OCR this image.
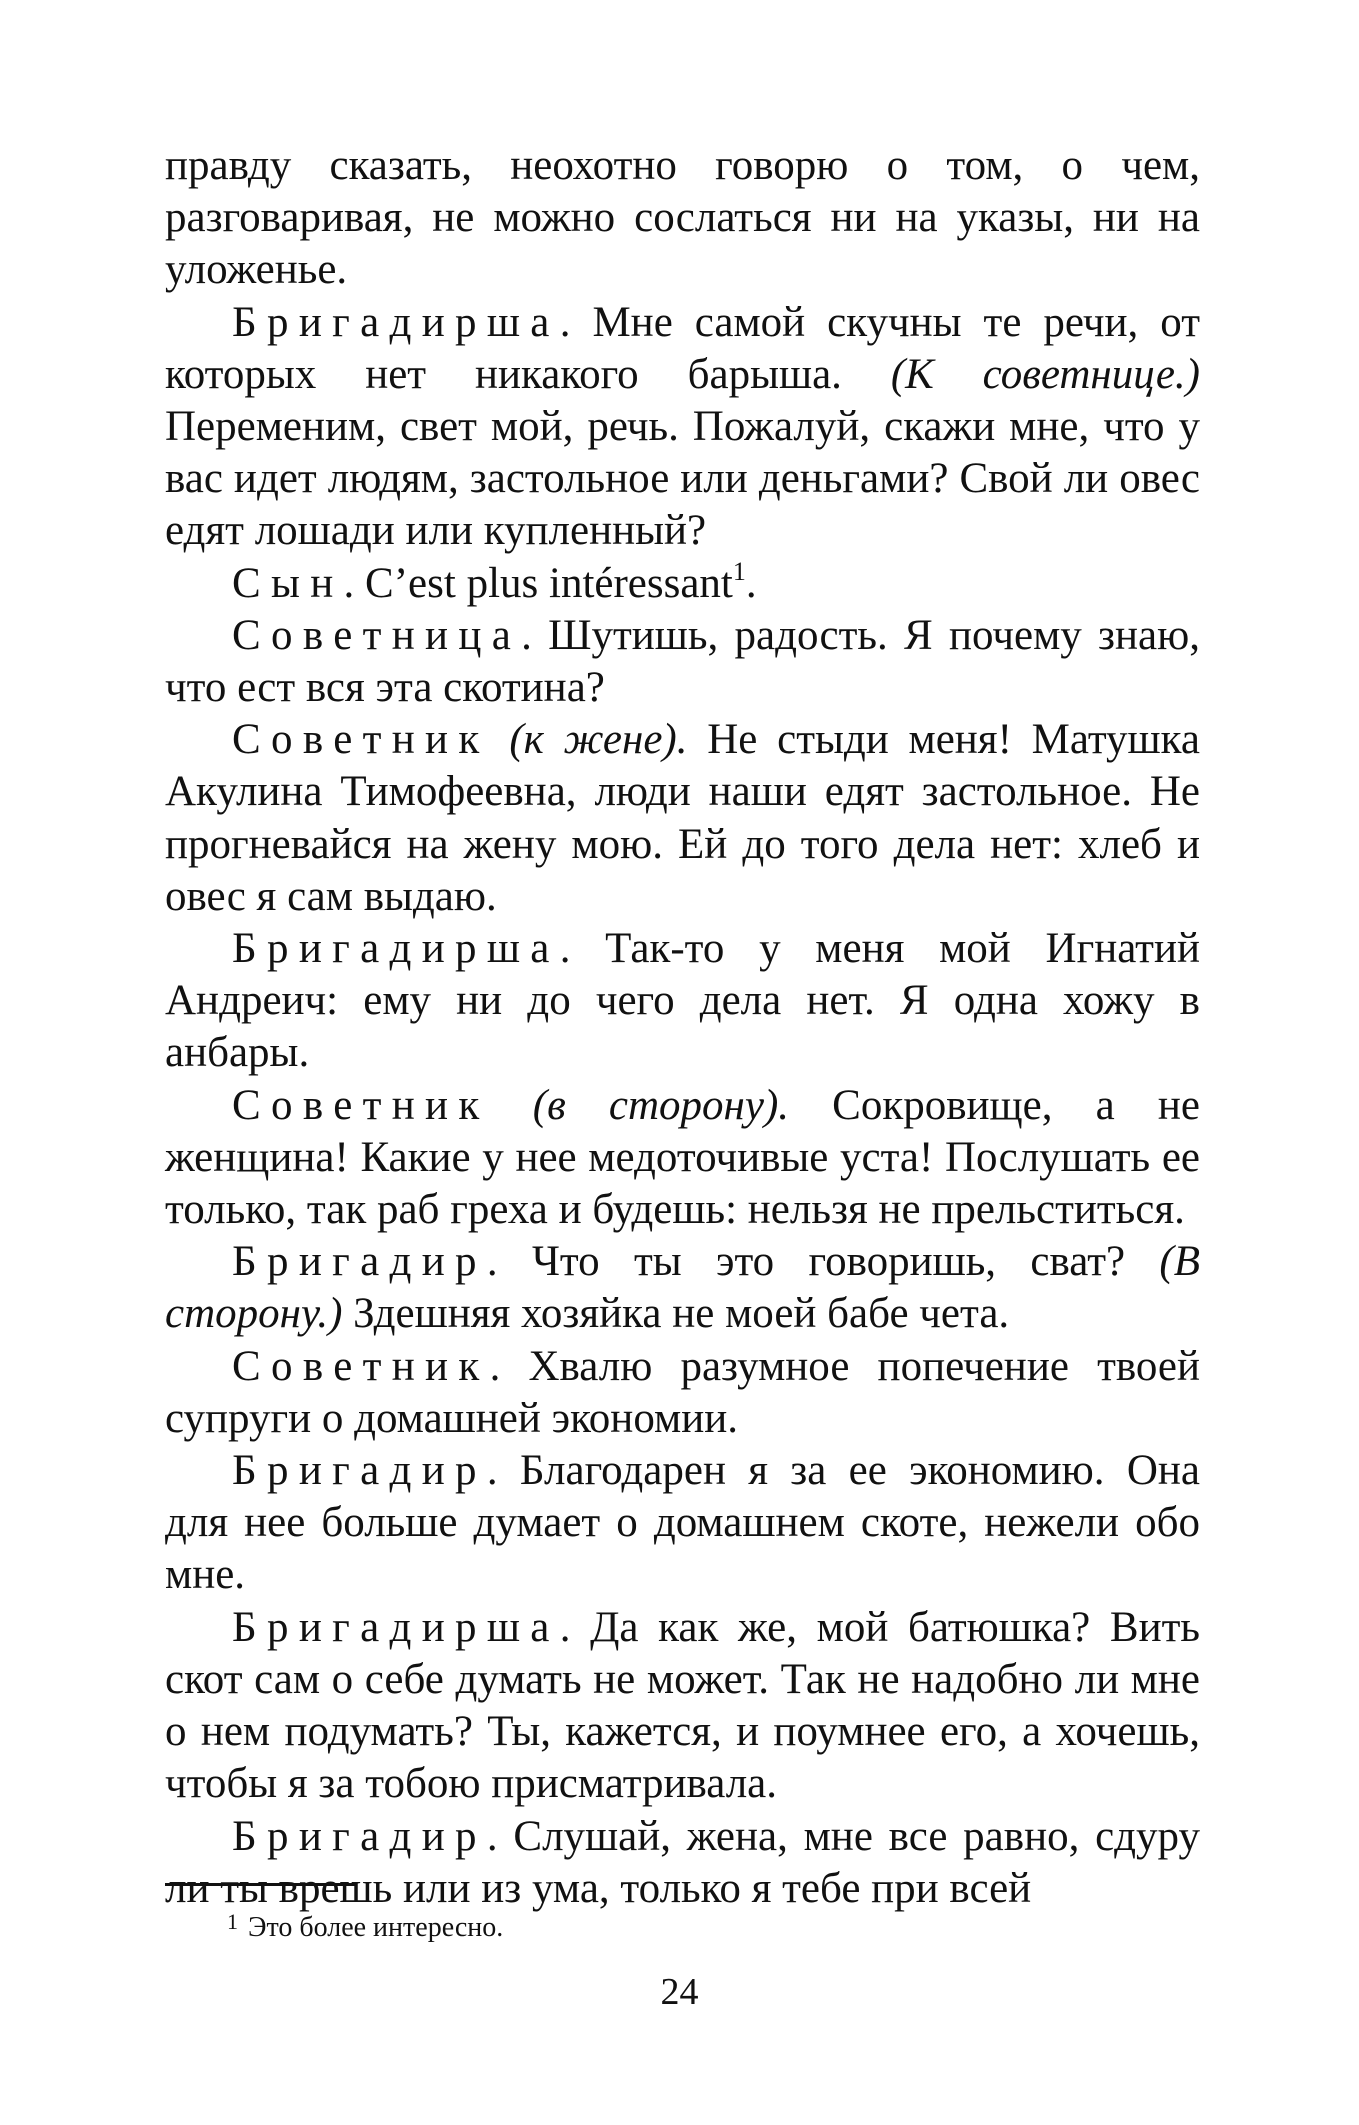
правду сказать, неохотно говорю о том, о чем, разговаривая, не можно сослаться ни на указы, ни на уложенье.

Бригадирша. Мне самой скучны те речи, от которых нет никакого барыша. (К советнице.) Переменим, свет мой, речь. Пожалуй, скажи мне, что у вас идет людям, застольное или деньгами? Свой ли овес едят лошади или купленный?

Сын. C’est plus intéressant$^1$.

Советница. Шутишь, радость. Я почему знаю, что ест вся эта скотина?

Советник (к жене). Не стыди меня! Матушка Акулина Тимофеевна, люди наши едят застольное. Не прогневайся на жену мою. Ей до того дела нет: хлеб и овес я сам выдаю.

Бригадирша. Так-то у меня мой Игнатий Андреич: ему ни до чего дела нет. Я одна хожу в анбары.

Советник (в сторону). Сокровище, а не женщина! Какие у нее медоточивые уста! Послушать ее только, так раб греха и будешь: нельзя не прельститься.

Бригадир. Что ты это говоришь, сват? (В сторону.) Здешняя хозяйка не моей бабе чета.

Советник. Хвалю разумное попечение твоей супруги о домашней экономии.

Бригадир. Благодарен я за ее экономию. Она для нее больше думает о домашнем скоте, нежели обо мне.

Бригадирша. Да как же, мой батюшка? Вить скот сам о себе думать не может. Так не надобно ли мне о нем подумать? Ты, кажется, и поумнее его, а хочешь, чтобы я за тобою присматривала.

Бригадир. Слушай, жена, мне все равно, сдуру ли ты врешь или из ума, только я тебе при всей

$^1$ Это более интересно.
24
